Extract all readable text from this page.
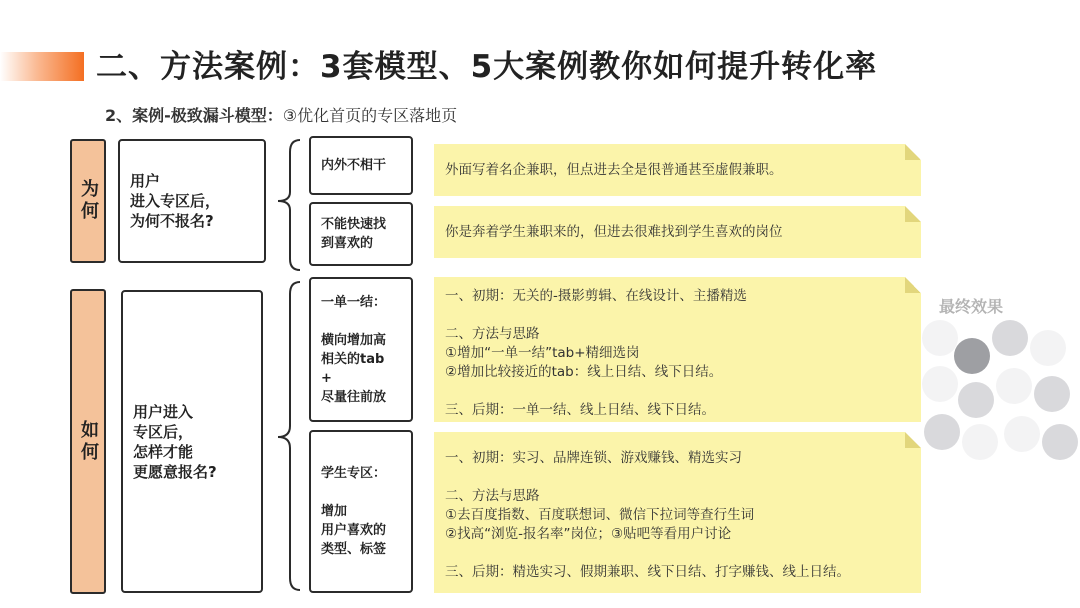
二、方法案例：3套模型、5大案例教你如何提升转化率
2、案例-极致漏斗模型：③优化首页的专区落地页
为何
如何
用户
进入专区后，
为何不报名?
用户进入
专区后，
怎样才能
更愿意报名?
内外不相干
不能快速找
到喜欢的
一单一结：

横向增加高
相关的tab
+
尽量往前放
学生专区：

增加
用户喜欢的
类型、标签
外面写着名企兼职，但点进去全是很普通甚至虚假兼职。
你是奔着学生兼职来的，但进去很难找到学生喜欢的岗位
一、初期：无关的-摄影剪辑、在线设计、主播精选
二、方法与思路
①增加“一单一结”tab+精细选岗
②增加比较接近的tab：线上日结、线下日结。
三、后期：一单一结、线上日结、线下日结。
一、初期：实习、品牌连锁、游戏赚钱、精选实习
二、方法与思路
①去百度指数、百度联想词、微信下拉词等查行生词
②找高“浏览-报名率”岗位；③贴吧等看用户讨论
三、后期：精选实习、假期兼职、线下日结、打字赚钱、线上日结。
最终效果
